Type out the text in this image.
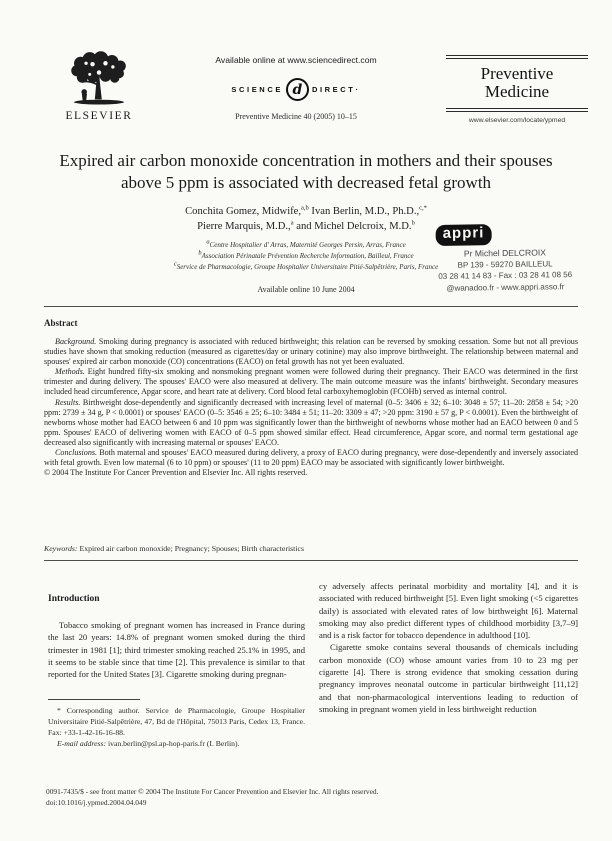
ELSEVIER
Available online at www.sciencedirect.com
SCIENCE d	DIRECT·
Preventive Medicine 40 (2005) 10–15
Preventive
Medicine
www.elsevier.com/locate/ypmed
Expired air carbon monoxide concentration in mothers and their spouses
above 5 ppm is associated with decreased fetal growth
Conchita Gomez, Midwife,$^{a,b}$ Ivan Berlin, M.D., Ph.D.,$^{c,*}$
Pierre Marquis, M.D.,$^a$ and Michel Delcroix, M.D.$^b$
$^a$Centre Hospitalier d' Arras, Maternité Georges Persin, Arras, France
$^b$Association Périnatale Prévention Recherche Information, Bailleul, France
$^c$Service de Pharmacologie, Groupe Hospitalier Universitaire Pitié-Salpêtrière, Paris, France
Available online 10 June 2004
appri
Pr Michel DELCROIX
BP 139 - 59270 BAILLEUL
03 28 41 14 83 - Fax : 03 28 41 08 56
@wanadoo.fr - www.appri.asso.fr
Abstract

Background. Smoking during pregnancy is associated with reduced birthweight; this relation can be reversed by smoking cessation. Some but not all previous studies have shown that smoking reduction (measured as cigarettes/day or urinary cotinine) may also improve birthweight. The relationship between maternal and spouses' expired air carbon monoxide (CO) concentrations (EACO) on fetal growth has not yet been evaluated.

Methods. Eight hundred fifty-six smoking and nonsmoking pregnant women were followed during their pregnancy. Their EACO was determined in the first trimester and during delivery. The spouses' EACO were also measured at delivery. The main outcome measure was the infants' birthweight. Secondary measures included head circumference, Apgar score, and heart rate at delivery. Cord blood fetal carboxyhemoglobin (FCOHb) served as internal control.

Results. Birthweight dose-dependently and significantly decreased with increasing level of maternal (0–5: 3406 ± 32; 6–10: 3048 ± 57; 11–20: 2858 ± 54; >20 ppm: 2739 ± 34 g, P < 0.0001) or spouses' EACO (0–5: 3546 ± 25; 6–10: 3484 ± 51; 11–20: 3309 ± 47; >20 ppm: 3190 ± 57 g, P < 0.0001). Even the birthweight of newborns whose mother had EACO between 6 and 10 ppm was significantly lower than the birthweight of newborns whose mother had an EACO between 0 and 5 ppm. Spouses' EACO of delivering women with EACO of 0–5 ppm showed similar effect. Head circumference, Apgar score, and normal term gestational age decreased also significantly with increasing maternal or spouses' EACO.

Conclusions. Both maternal and spouses' EACO measured during delivery, a proxy of EACO during pregnancy, were dose-dependently and inversely associated with fetal growth. Even low maternal (6 to 10 ppm) or spouses' (11 to 20 ppm) EACO may be associated with significantly lower birthweight.

© 2004 The Institute For Cancer Prevention and Elsevier Inc. All rights reserved.

Keywords: Expired air carbon monoxide; Pregnancy; Spouses; Birth characteristics
Introduction

Tobacco smoking of pregnant women has increased in France during the last 20 years: 14.8% of pregnant women smoked during the third trimester in 1981 [1]; third trimester smoking reached 25.1% in 1995, and it seems to be stable since that time [2]. This prevalence is similar to that reported for the United States [3]. Cigarette smoking during pregnan-

cy adversely affects perinatal morbidity and mortality [4], and it is associated with reduced birthweight [5]. Even light smoking (<5 cigarettes daily) is associated with elevated rates of low birthweight [6]. Maternal smoking may also predict different types of childhood morbidity [3,7–9] and is a risk factor for tobacco dependence in adulthood [10].

Cigarette smoke contains several thousands of chemicals including carbon monoxide (CO) whose amount varies from 10 to 23 mg per cigarette [4]. There is strong evidence that smoking cessation during pregnancy improves neonatal outcome in particular birthweight [11,12] and that non-pharmacological interventions leading to reduction of smoking in pregnant women yield in less birthweight reduction

* Corresponding author. Service de Pharmacologie, Groupe Hospitalier Universitaire Pitié-Salpêtrière, 47, Bd de l'Hôpital, 75013 Paris, Cedex 13, France. Fax: +33-1-42-16-16-88.

E-mail address: ivan.berlin@psl.ap-hop-paris.fr (I. Berlin).

0091-7435/$ - see front matter © 2004 The Institute For Cancer Prevention and Elsevier Inc. All rights reserved.
doi:10.1016/j.ypmed.2004.04.049
